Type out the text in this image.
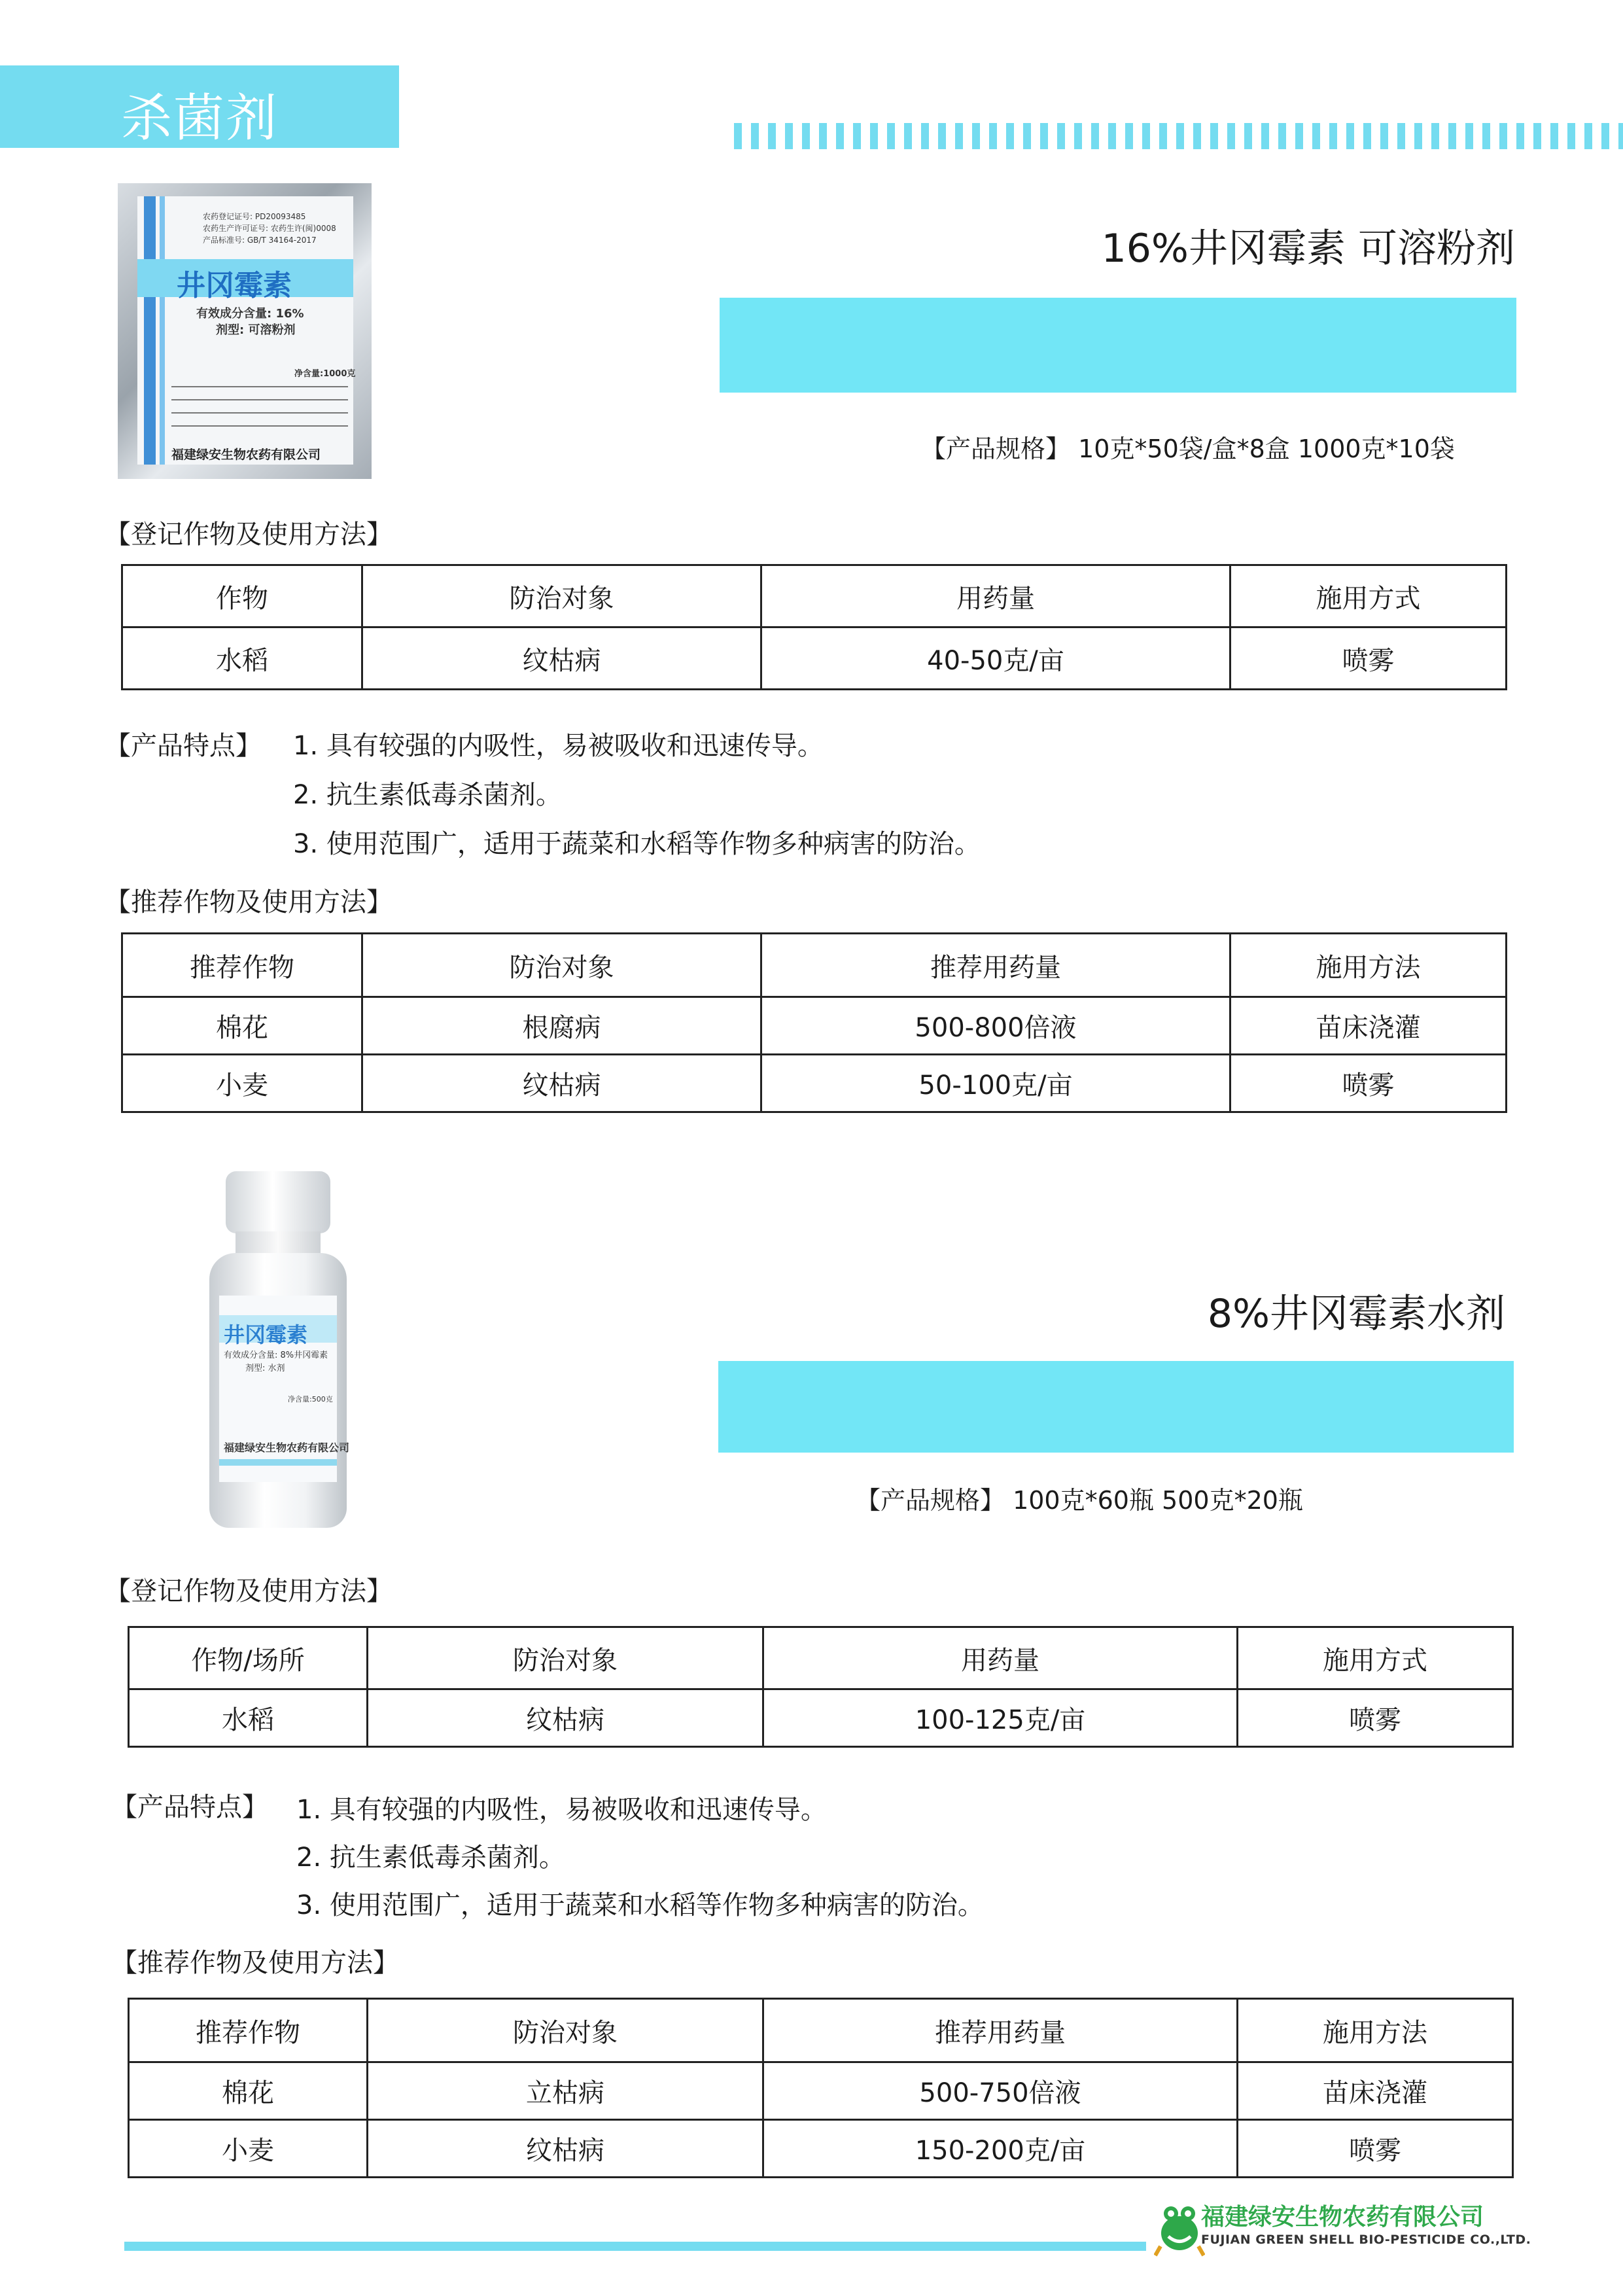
杀菌剂
农药登记证号: PD20093485
农药生产许可证号: 农药生许(闽)0008
产品标准号: GB/T 34164-2017
井冈霉素
有效成分含量: 16%
剂型: 可溶粉剂
净含量:1000克
福建绿安生物农药有限公司
16%井冈霉素 可溶粉剂
【产品规格】 10克*50袋/盒*8盒 1000克*10袋
【登记作物及使用方法】
作物	防治对象	用药量	施用方式
水稻	纹枯病	40-50克/亩	喷雾
【产品特点】 1. 具有较强的内吸性，易被吸收和迅速传导。
2. 抗生素低毒杀菌剂。
3. 使用范围广，适用于蔬菜和水稻等作物多种病害的防治。
【推荐作物及使用方法】
推荐作物	防治对象	推荐用药量	施用方法
棉花	根腐病	500-800倍液	苗床浇灌
小麦	纹枯病	50-100克/亩	喷雾
井冈霉素
有效成分含量: 8%井冈霉素
剂型: 水剂
净含量:500克
福建绿安生物农药有限公司
8%井冈霉素水剂
【产品规格】 100克*60瓶 500克*20瓶
【登记作物及使用方法】
作物/场所	防治对象	用药量	施用方式
水稻	纹枯病	100-125克/亩	喷雾
【产品特点】 1. 具有较强的内吸性，易被吸收和迅速传导。
2. 抗生素低毒杀菌剂。
3. 使用范围广，适用于蔬菜和水稻等作物多种病害的防治。
【推荐作物及使用方法】
推荐作物	防治对象	推荐用药量	施用方法
棉花	立枯病	500-750倍液	苗床浇灌
小麦	纹枯病	150-200克/亩	喷雾
福建绿安生物农药有限公司
FUJIAN GREEN SHELL BIO-PESTICIDE CO.,LTD.
